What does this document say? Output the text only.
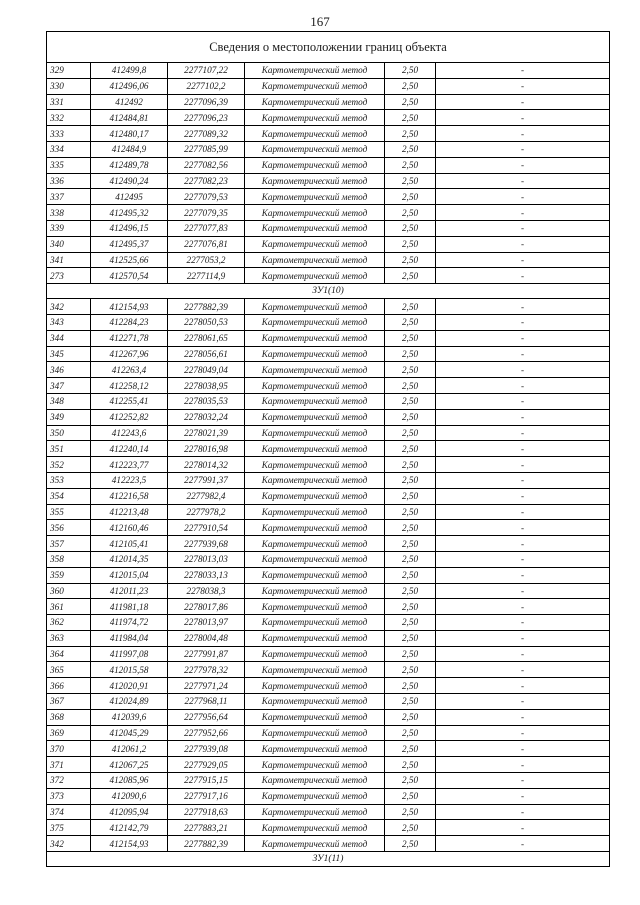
167
Сведения о местоположении границ объекта					
329	412499,8	2277107,22	Картометрический метод	2,50	-
330	412496,06	2277102,2	Картометрический метод	2,50	-
331	412492	2277096,39	Картометрический метод	2,50	-
332	412484,81	2277096,23	Картометрический метод	2,50	-
333	412480,17	2277089,32	Картометрический метод	2,50	-
334	412484,9	2277085,99	Картометрический метод	2,50	-
335	412489,78	2277082,56	Картометрический метод	2,50	-
336	412490,24	2277082,23	Картометрический метод	2,50	-
337	412495	2277079,53	Картометрический метод	2,50	-
338	412495,32	2277079,35	Картометрический метод	2,50	-
339	412496,15	2277077,83	Картометрический метод	2,50	-
340	412495,37	2277076,81	Картометрический метод	2,50	-
341	412525,66	2277053,2	Картометрический метод	2,50	-
273	412570,54	2277114,9	Картометрический метод	2,50	-
ЗУ1(10)					
342	412154,93	2277882,39	Картометрический метод	2,50	-
343	412284,23	2278050,53	Картометрический метод	2,50	-
344	412271,78	2278061,65	Картометрический метод	2,50	-
345	412267,96	2278056,61	Картометрический метод	2,50	-
346	412263,4	2278049,04	Картометрический метод	2,50	-
347	412258,12	2278038,95	Картометрический метод	2,50	-
348	412255,41	2278035,53	Картометрический метод	2,50	-
349	412252,82	2278032,24	Картометрический метод	2,50	-
350	412243,6	2278021,39	Картометрический метод	2,50	-
351	412240,14	2278016,98	Картометрический метод	2,50	-
352	412223,77	2278014,32	Картометрический метод	2,50	-
353	412223,5	2277991,37	Картометрический метод	2,50	-
354	412216,58	2277982,4	Картометрический метод	2,50	-
355	412213,48	2277978,2	Картометрический метод	2,50	-
356	412160,46	2277910,54	Картометрический метод	2,50	-
357	412105,41	2277939,68	Картометрический метод	2,50	-
358	412014,35	2278013,03	Картометрический метод	2,50	-
359	412015,04	2278033,13	Картометрический метод	2,50	-
360	412011,23	2278038,3	Картометрический метод	2,50	-
361	411981,18	2278017,86	Картометрический метод	2,50	-
362	411974,72	2278013,97	Картометрический метод	2,50	-
363	411984,04	2278004,48	Картометрический метод	2,50	-
364	411997,08	2277991,87	Картометрический метод	2,50	-
365	412015,58	2277978,32	Картометрический метод	2,50	-
366	412020,91	2277971,24	Картометрический метод	2,50	-
367	412024,89	2277968,11	Картометрический метод	2,50	-
368	412039,6	2277956,64	Картометрический метод	2,50	-
369	412045,29	2277952,66	Картометрический метод	2,50	-
370	412061,2	2277939,08	Картометрический метод	2,50	-
371	412067,25	2277929,05	Картометрический метод	2,50	-
372	412085,96	2277915,15	Картометрический метод	2,50	-
373	412090,6	2277917,16	Картометрический метод	2,50	-
374	412095,94	2277918,63	Картометрический метод	2,50	-
375	412142,79	2277883,21	Картометрический метод	2,50	-
342	412154,93	2277882,39	Картометрический метод	2,50	-
ЗУ1(11)					
